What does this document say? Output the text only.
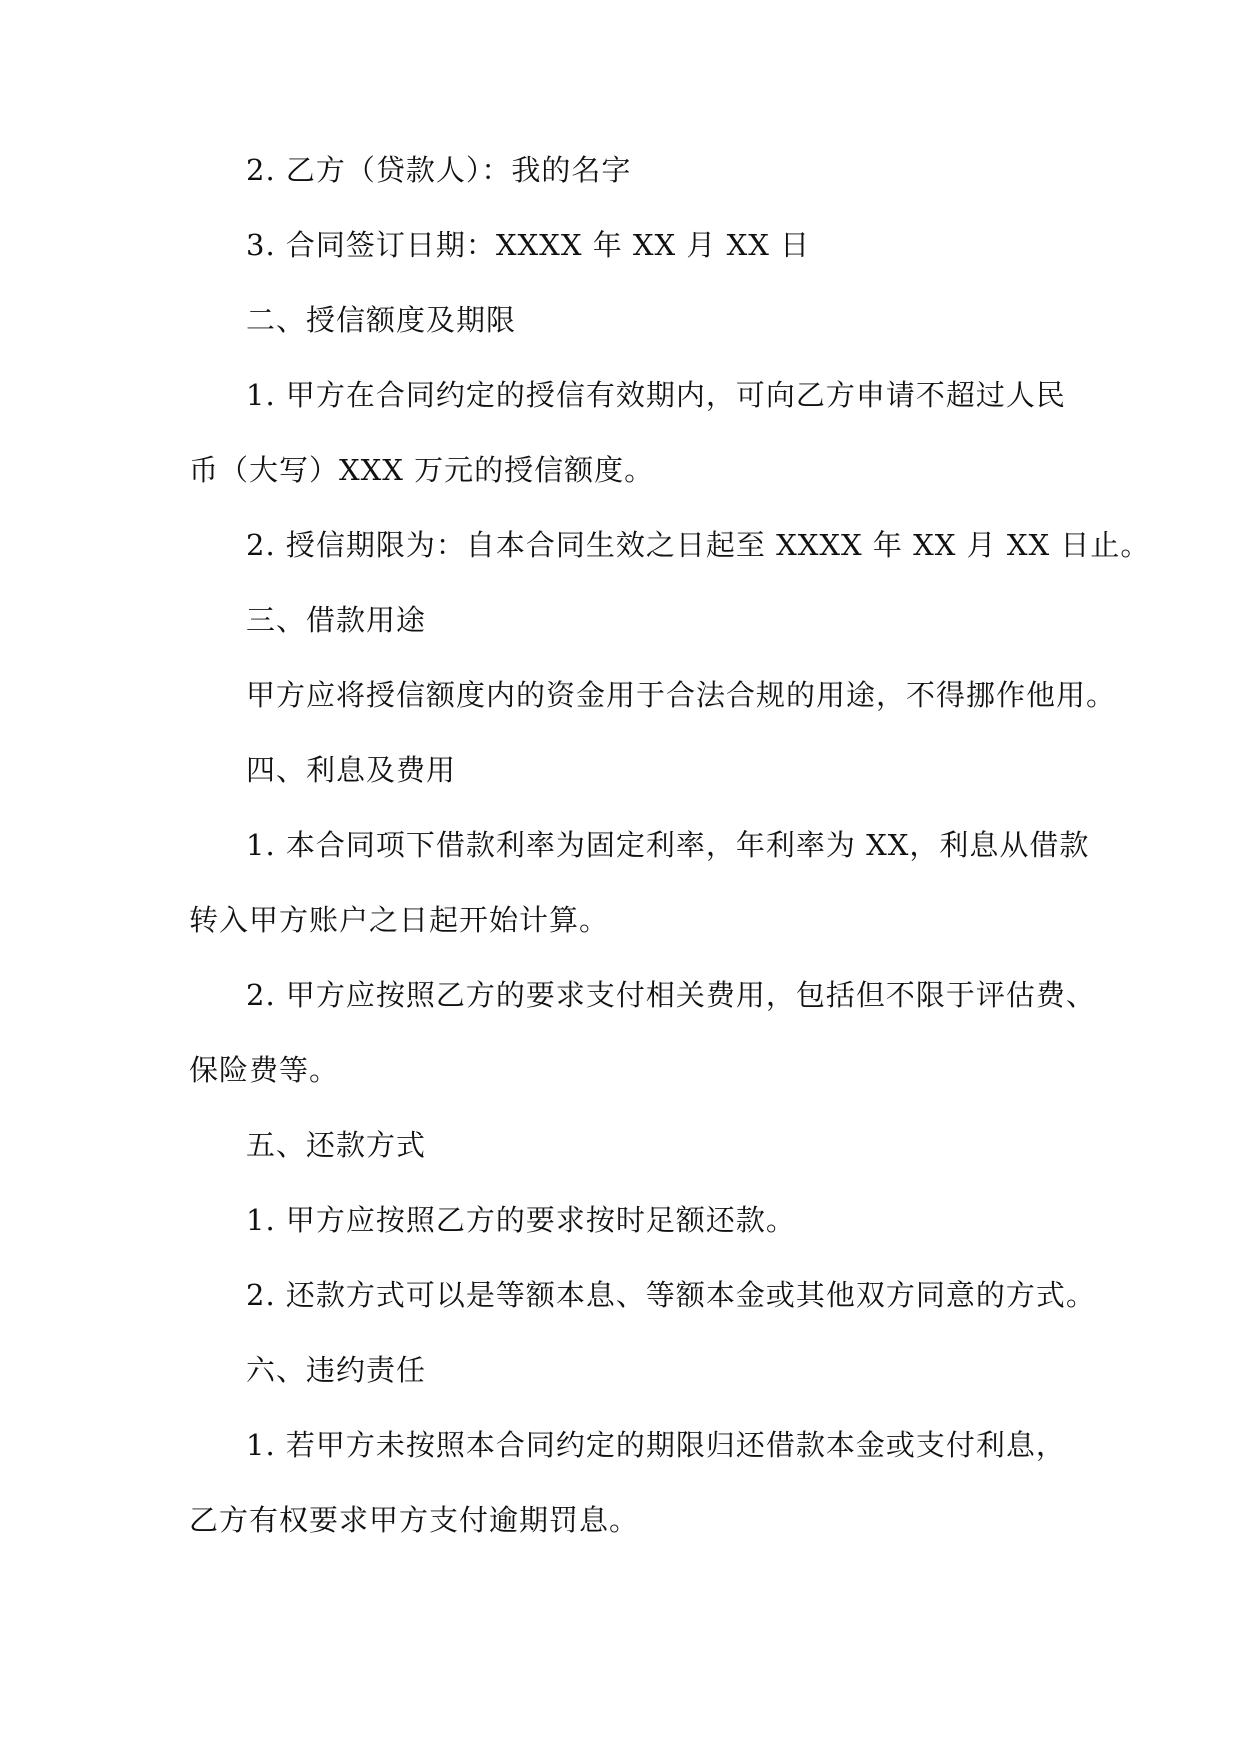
2. 乙方（贷款人）：我的名字
3. 合同签订日期：XXXX 年 XX 月 XX 日
二、授信额度及期限
1. 甲方在合同约定的授信有效期内，可向乙方申请不超过人民
币（大写）XXX 万元的授信额度。
2. 授信期限为：自本合同生效之日起至 XXXX 年 XX 月 XX 日止。
三、借款用途
甲方应将授信额度内的资金用于合法合规的用途，不得挪作他用。
四、利息及费用
1. 本合同项下借款利率为固定利率，年利率为 XX，利息从借款
转入甲方账户之日起开始计算。
2. 甲方应按照乙方的要求支付相关费用，包括但不限于评估费、
保险费等。
五、还款方式
1. 甲方应按照乙方的要求按时足额还款。
2. 还款方式可以是等额本息、等额本金或其他双方同意的方式。
六、违约责任
1. 若甲方未按照本合同约定的期限归还借款本金或支付利息，
乙方有权要求甲方支付逾期罚息。
